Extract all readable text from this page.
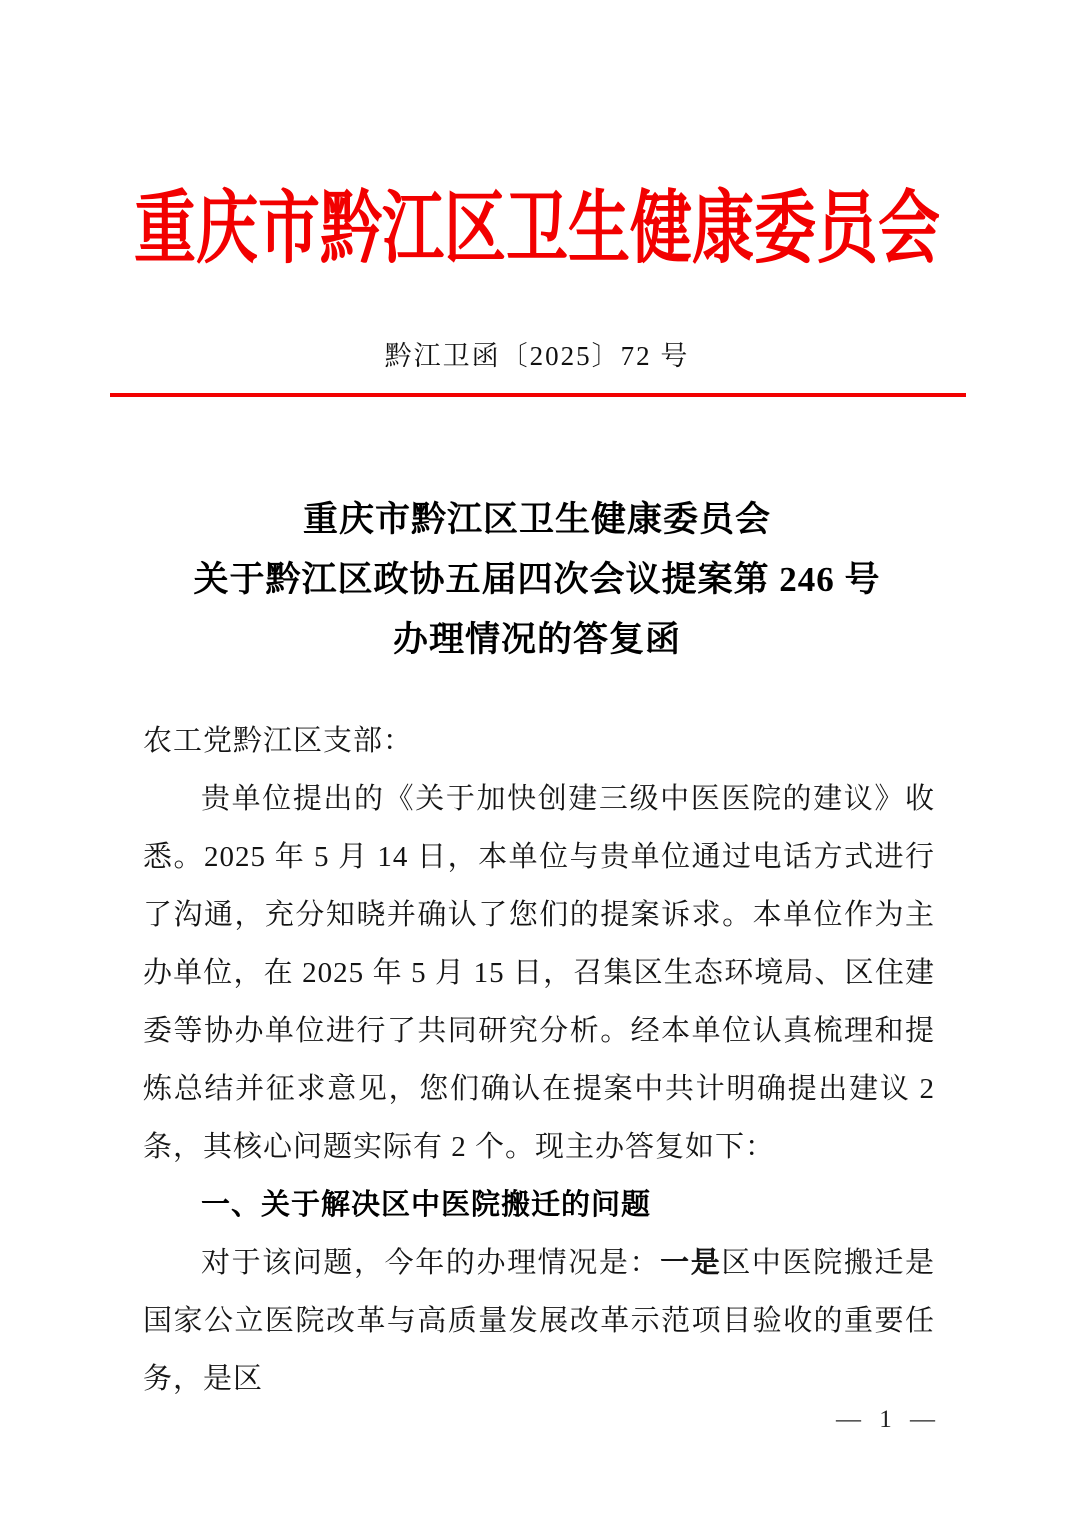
重庆市黔江区卫生健康委员会
黔江卫函〔2025〕72 号
重庆市黔江区卫生健康委员会
关于黔江区政协五届四次会议提案第 246 号
办理情况的答复函
农工党黔江区支部：
贵单位提出的《关于加快创建三级中医医院的建议》收悉。2025 年 5 月 14 日，本单位与贵单位通过电话方式进行了沟通，充分知晓并确认了您们的提案诉求。本单位作为主办单位，在 2025 年 5 月 15 日，召集区生态环境局、区住建委等协办单位进行了共同研究分析。经本单位认真梳理和提炼总结并征求意见，您们确认在提案中共计明确提出建议 2 条，其核心问题实际有 2 个。现主办答复如下：
一、关于解决区中医院搬迁的问题
对于该问题，今年的办理情况是：一是区中医院搬迁是国家公立医院改革与高质量发展改革示范项目验收的重要任务，是区
— 1 —
